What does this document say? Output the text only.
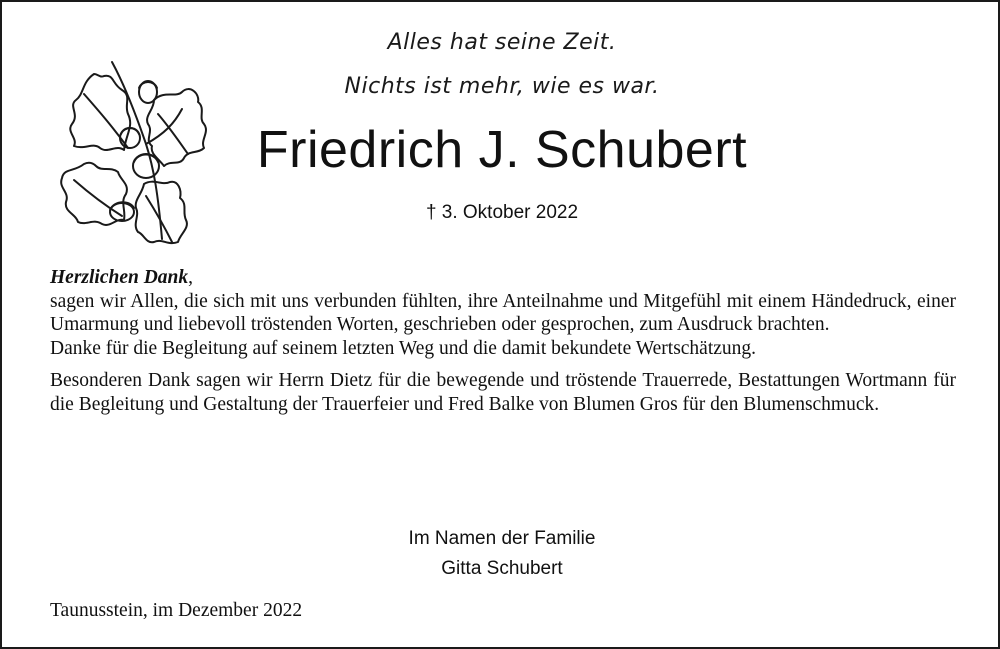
Alles hat seine Zeit.
Nichts ist mehr, wie es war.
Friedrich J. Schubert
† 3. Oktober 2022

Herzlichen Dank,

sagen wir Allen, die sich mit uns verbunden fühlten, ihre Anteilnahme und Mitgefühl mit einem Händedruck, einer Umarmung und liebevoll tröstenden Worten, geschrieben oder gesprochen, zum Ausdruck brachten.

Danke für die Begleitung auf seinem letzten Weg und die damit bekundete Wertschätzung.

Besonderen Dank sagen wir Herrn Dietz für die bewegende und tröstende Trauerrede, Bestattungen Wortmann für die Begleitung und Gestaltung der Trauerfeier und Fred Balke von Blumen Gros für den Blumenschmuck.

Im Namen der Familie
Gitta Schubert
Taunusstein, im Dezember 2022
